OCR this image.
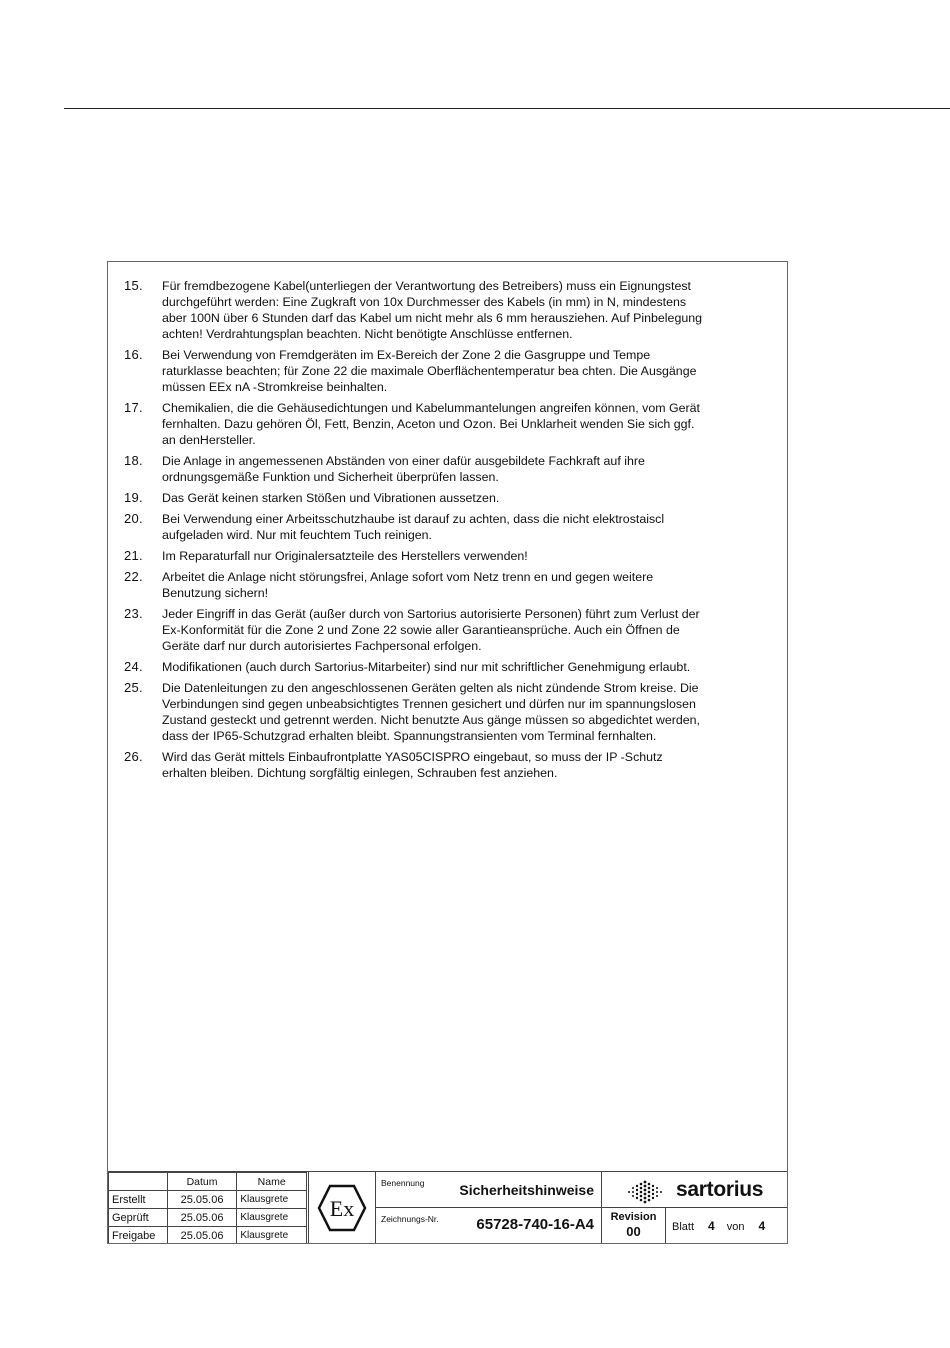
15.	Für fremdbezogene Kabel(unterliegen der Verantwortung des Betreibers) muss ein Eignungstest
durchgeführt werden: Eine Zugkraft von 10x Durchmesser des Kabels (in mm) in N, mindestens
aber 100N über 6 Stunden darf das Kabel um nicht mehr als 6 mm herausziehen. Auf Pinbelegung
achten! Verdrahtungsplan beachten. Nicht benötigte Anschlüsse entfernen.
16.	Bei Verwendung von Fremdgeräten im Ex-Bereich der Zone 2 die Gasgruppe und Tempe
raturklasse beachten; für Zone 22 die maximale Oberflächentemperatur bea chten. Die Ausgänge
müssen EEx nA -Stromkreise beinhalten.
17.	Chemikalien, die die Gehäusedichtungen und Kabelummantelungen angreifen können, vom Gerät
fernhalten. Dazu gehören Öl, Fett, Benzin, Aceton und Ozon. Bei Unklarheit wenden Sie sich ggf.
an denHersteller.
18.	Die Anlage in angemessenen Abständen von einer dafür ausgebildete Fachkraft auf ihre
ordnungsgemäße Funktion und Sicherheit überprüfen lassen.
19.	Das Gerät keinen starken Stößen und Vibrationen aussetzen.
20.	Bei Verwendung einer Arbeitsschutzhaube ist darauf zu achten, dass die nicht elektrostaiscl
aufgeladen wird. Nur mit feuchtem Tuch reinigen.
21.	Im Reparaturfall nur Originalersatzteile des Herstellers verwenden!
22.	Arbeitet die Anlage nicht störungsfrei, Anlage sofort vom Netz trenn en und gegen weitere
Benutzung sichern!
23.	Jeder Eingriff in das Gerät (außer durch von Sartorius autorisierte Personen) führt zum Verlust der
Ex-Konformität für die Zone 2 und Zone 22 sowie aller Garantieansprüche. Auch ein Öffnen de
Geräte darf nur durch autorisiertes Fachpersonal erfolgen.
24.	Modifikationen (auch durch Sartorius-Mitarbeiter) sind nur mit schriftlicher Genehmigung erlaubt.
25.	Die Datenleitungen zu den angeschlossenen Geräten gelten als nicht zündende Strom kreise. Die
Verbindungen sind gegen unbeabsichtigtes Trennen gesichert und dürfen nur im spannungslosen
Zustand gesteckt und getrennt werden. Nicht benutzte Aus gänge müssen so abgedichtet werden,
dass der IP65-Schutzgrad erhalten bleibt. Spannungstransienten vom Terminal fernhalten.
26.	Wird das Gerät mittels Einbaufrontplatte YAS05CISPRO eingebaut, so muss der IP -Schutz
erhalten bleiben. Dichtung sorgfältig einlegen, Schrauben fest anziehen.
	Datum	Name
Erstellt	25.05.06	Klausgrete
Geprüft	25.05.06	Klausgrete
Freigabe	25.05.06	Klausgrete
Ex
Benennung Sicherheitshinweise
Zeichnungs-Nr.	65728-740-16-A4
sartorius
Revision
00	Blatt 4 von 4
